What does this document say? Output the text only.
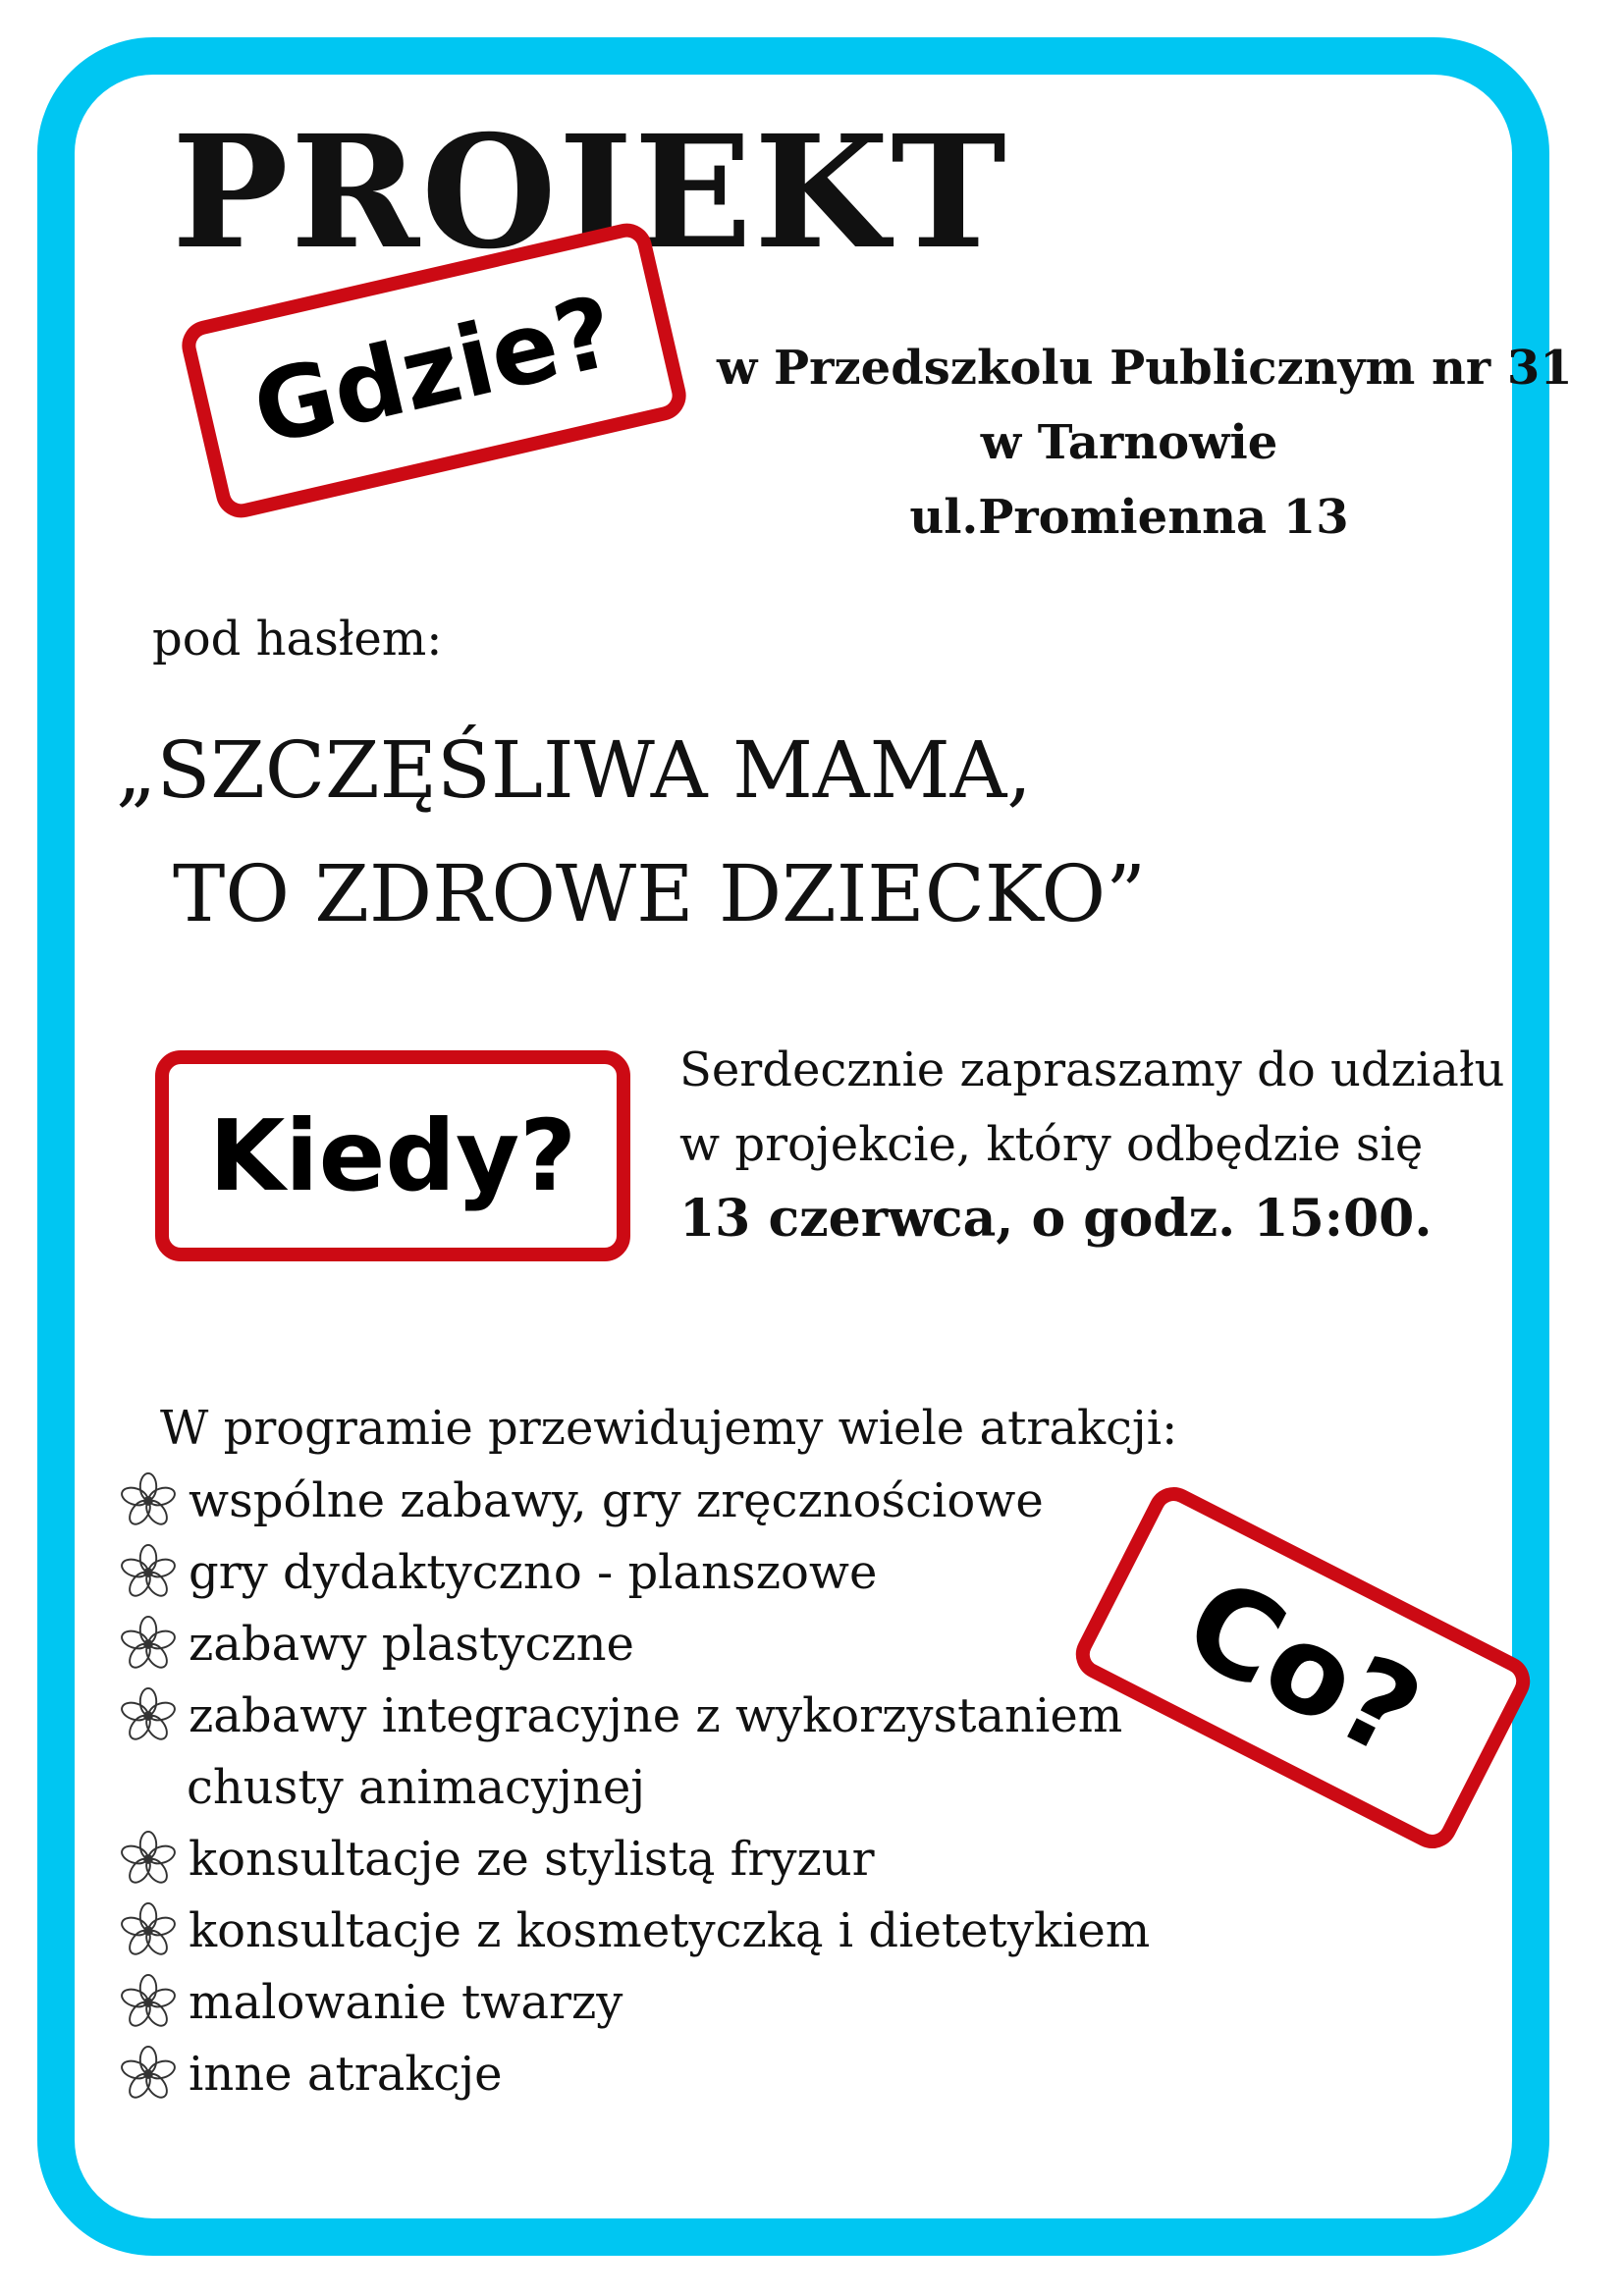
PROJEKT
Gdzie? w Przedszkolu Publicznym nr 31
w Tarnowie
ul.Promienna 13
pod hasłem:
„SZCZĘŚLIWA MAMA,
TO ZDROWE DZIECKO”
Kiedy?
Serdecznie zapraszamy do udziału
w projekcie, który odbędzie się
13 czerwca, o godz. 15:00.
W programie przewidujemy wiele atrakcji:
wspólne zabawy, gry zręcznościowe
gry dydaktyczno - planszowe
zabawy plastyczne
zabawy integracyjne z wykorzystaniem
chusty animacyjnej
konsultacje ze stylistą fryzur
konsultacje z kosmetyczką i dietetykiem
malowanie twarzy
inne atrakcje
Co?
